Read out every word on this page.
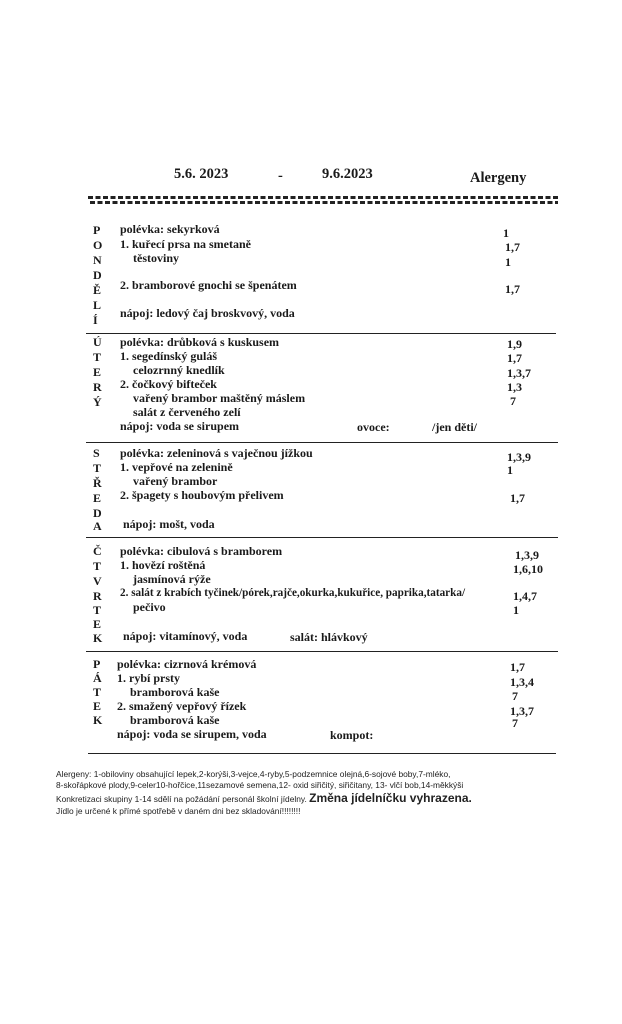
5.6. 2023	-	9.6.2023	Alergeny
P
O
N
D
Ě
L
Í
polévka: sekyrková	1
1. kuřecí prsa na smetaně	1,7
těstoviny	1
2. bramborové gnochi se špenátem	1,7
nápoj: ledový čaj broskvový, voda
Ú
T
E
R
Ý
polévka: drůbková s kuskusem	1,9
1. segedínský guláš	1,7
celozrnný knedlík	1,3,7
2. čočkový bifteček	1,3
vařený brambor maštěný máslem	7
salát z červeného zelí
nápoj: voda se sirupem	ovoce:	/jen děti/
S
T
Ř
E
D
A
polévka: zeleninová s vaječnou jížkou	1,3,9
1. vepřové na zelenině	1
vařený brambor
2. špagety s houbovým přelivem	1,7
nápoj: mošt, voda
Č
T
V
R
T
E
K
polévka: cibulová s bramborem	1,3,9
1. hovězí roštěná	1,6,10
jasmínová rýže
2. salát z krabích tyčinek/pórek,rajče,okurka,kukuřice, paprika,tatarka/	1,4,7
pečivo	1
nápoj: vitamínový, voda	salát: hlávkový
P
Á
T
E
K
polévka: cizrnová krémová	1,7
1. rybí prsty	1,3,4
bramborová kaše	7
2. smažený vepřový řízek	1,3,7
bramborová kaše	7
nápoj: voda se sirupem, voda	kompot:
Alergeny: 1-obiloviny obsahující lepek,2-korýši,3-vejce,4-ryby,5-podzemnice olejná,6-sojové boby,7-mléko,
8-skořápkové plody,9-celer10-hořčice,11sezamové semena,12- oxid siřičitý, siřičitany, 13- vlčí bob,14-měkkýši
Konkretizaci skupiny 1-14 sdělí na požádání personál školní jídelny. Změna jídelníčku vyhrazena.
Jídlo je určené k přímé spotřebě v daném dni bez skladování!!!!!!!!
